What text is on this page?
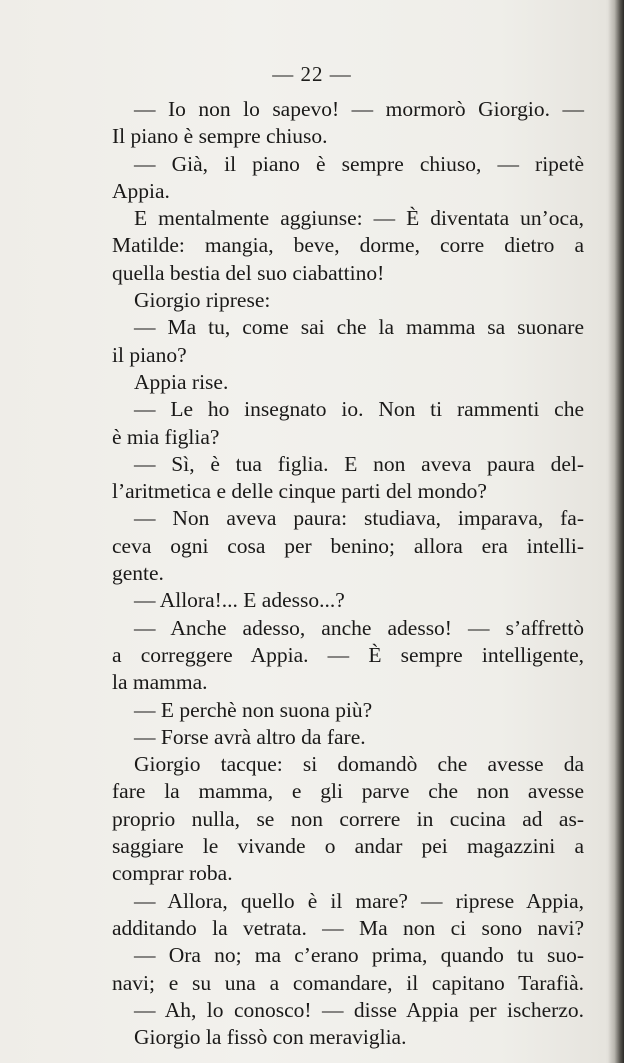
— 22 —
— Io non lo sapevo! — mormorò Giorgio. —
Il piano è sempre chiuso.
— Già, il piano è sempre chiuso, — ripetè
Appia.
E mentalmente aggiunse: — È diventata un’oca,
Matilde: mangia, beve, dorme, corre dietro a
quella bestia del suo ciabattino!
Giorgio riprese:
— Ma tu, come sai che la mamma sa suonare
il piano?
Appia rise.
— Le ho insegnato io. Non ti rammenti che
è mia figlia?
— Sì, è tua figlia. E non aveva paura del-
l’aritmetica e delle cinque parti del mondo?
— Non aveva paura: studiava, imparava, fa-
ceva ogni cosa per benino; allora era intelli-
gente.
— Allora!... E adesso...?
— Anche adesso, anche adesso! — s’affrettò
a correggere Appia. — È sempre intelligente,
la mamma.
— E perchè non suona più?
— Forse avrà altro da fare.
Giorgio tacque: si domandò che avesse da
fare la mamma, e gli parve che non avesse
proprio nulla, se non correre in cucina ad as-
saggiare le vivande o andar pei magazzini a
comprar roba.
— Allora, quello è il mare? — riprese Appia,
additando la vetrata. — Ma non ci sono navi?
— Ora no; ma c’erano prima, quando tu suo-
navi; e su una a comandare, il capitano Tarafià.
— Ah, lo conosco! — disse Appia per ischerzo.
Giorgio la fissò con meraviglia.
